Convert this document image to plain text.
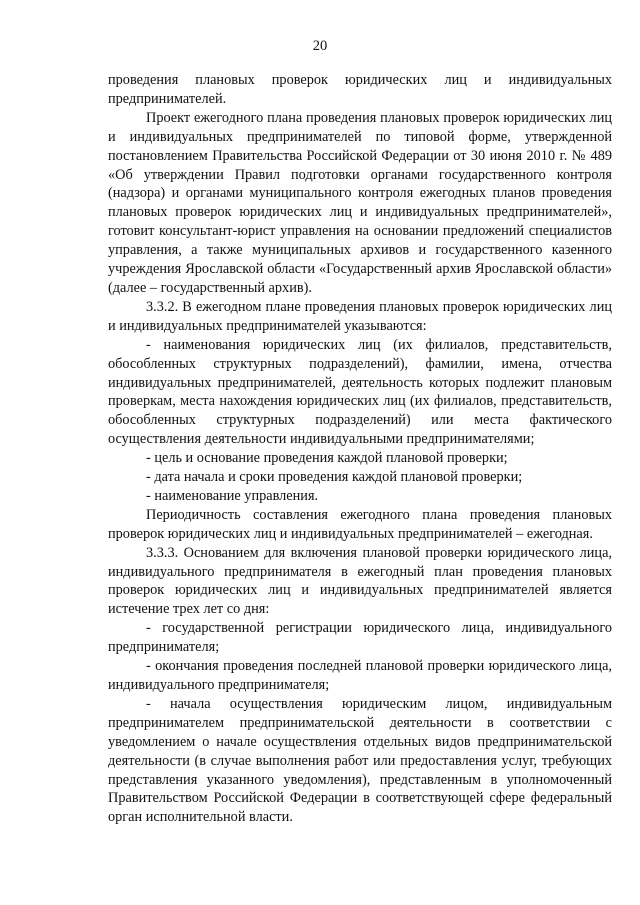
20

проведения плановых проверок юридических лиц и индивидуальных предпринимателей.

Проект ежегодного плана проведения плановых проверок юридических лиц и индивидуальных предпринимателей по типовой форме, утвержденной постановлением Правительства Российской Федерации от 30 июня 2010 г. № 489 «Об утверждении Правил подготовки органами государственного контроля (надзора) и органами муниципального контроля ежегодных планов проведения плановых проверок юридических лиц и индивидуальных предпринимателей», готовит консультант-юрист управления на основании предложений специалистов управления, а также муниципальных архивов и государственного казенного учреждения Ярославской области «Государственный архив Ярославской области» (далее – государственный архив).

3.3.2. В ежегодном плане проведения плановых проверок юридических лиц и индивидуальных предпринимателей указываются:

- наименования юридических лиц (их филиалов, представительств, обособленных структурных подразделений), фамилии, имена, отчества индивидуальных предпринимателей, деятельность которых подлежит плановым проверкам, места нахождения юридических лиц (их филиалов, представительств, обособленных структурных подразделений) или места фактического осуществления деятельности индивидуальными предпринимателями;

- цель и основание проведения каждой плановой проверки;

- дата начала и сроки проведения каждой плановой проверки;

- наименование управления.

Периодичность составления ежегодного плана проведения плановых проверок юридических лиц и индивидуальных предпринимателей – ежегодная.

3.3.3. Основанием для включения плановой проверки юридического лица, индивидуального предпринимателя в ежегодный план проведения плановых проверок юридических лиц и индивидуальных предпринимателей является истечение трех лет со дня:

- государственной регистрации юридического лица, индивидуального предпринимателя;

- окончания проведения последней плановой проверки юридического лица, индивидуального предпринимателя;

- начала осуществления юридическим лицом, индивидуальным предпринимателем предпринимательской деятельности в соответствии с уведомлением о начале осуществления отдельных видов предпринимательской деятельности (в случае выполнения работ или предоставления услуг, требующих представления указанного уведомления), представленным в уполномоченный Правительством Российской Федерации в соответствующей сфере федеральный орган исполнительной власти.
